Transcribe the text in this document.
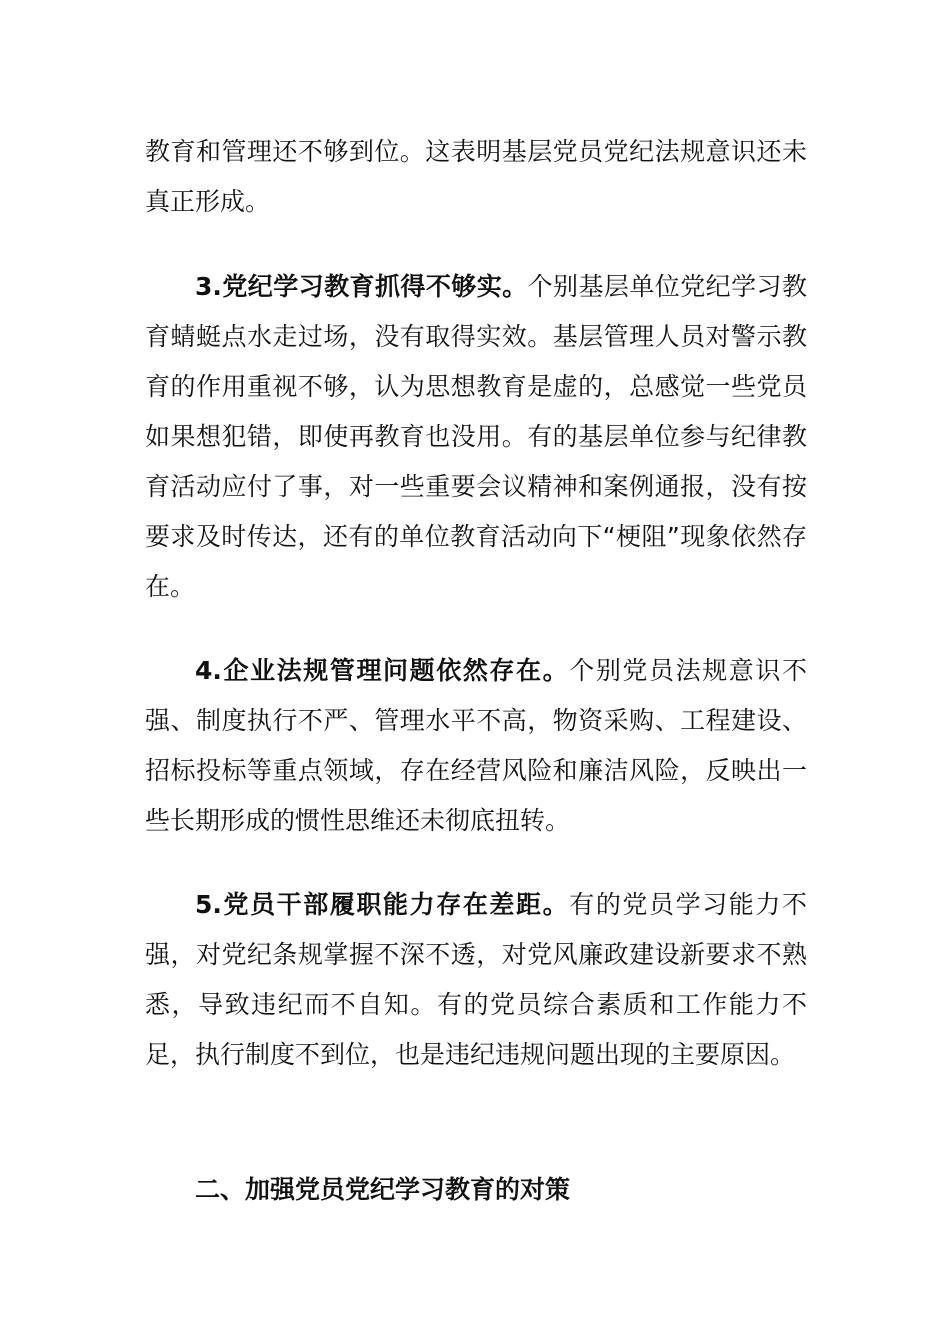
教育和管理还不够到位。这表明基层党员党纪法规意识还未真正形成。

3.党纪学习教育抓得不够实。个别基层单位党纪学习教育蜻蜓点水走过场，没有取得实效。基层管理人员对警示教育的作用重视不够，认为思想教育是虚的，总感觉一些党员如果想犯错，即使再教育也没用。有的基层单位参与纪律教育活动应付了事，对一些重要会议精神和案例通报，没有按要求及时传达，还有的单位教育活动向下“梗阻”现象依然存在。

4.企业法规管理问题依然存在。个别党员法规意识不强、制度执行不严、管理水平不高，物资采购、工程建设、招标投标等重点领域，存在经营风险和廉洁风险，反映出一些长期形成的惯性思维还未彻底扭转。

5.党员干部履职能力存在差距。有的党员学习能力不强，对党纪条规掌握不深不透，对党风廉政建设新要求不熟悉，导致违纪而不自知。有的党员综合素质和工作能力不足，执行制度不到位，也是违纪违规问题出现的主要原因。

二、加强党员党纪学习教育的对策
